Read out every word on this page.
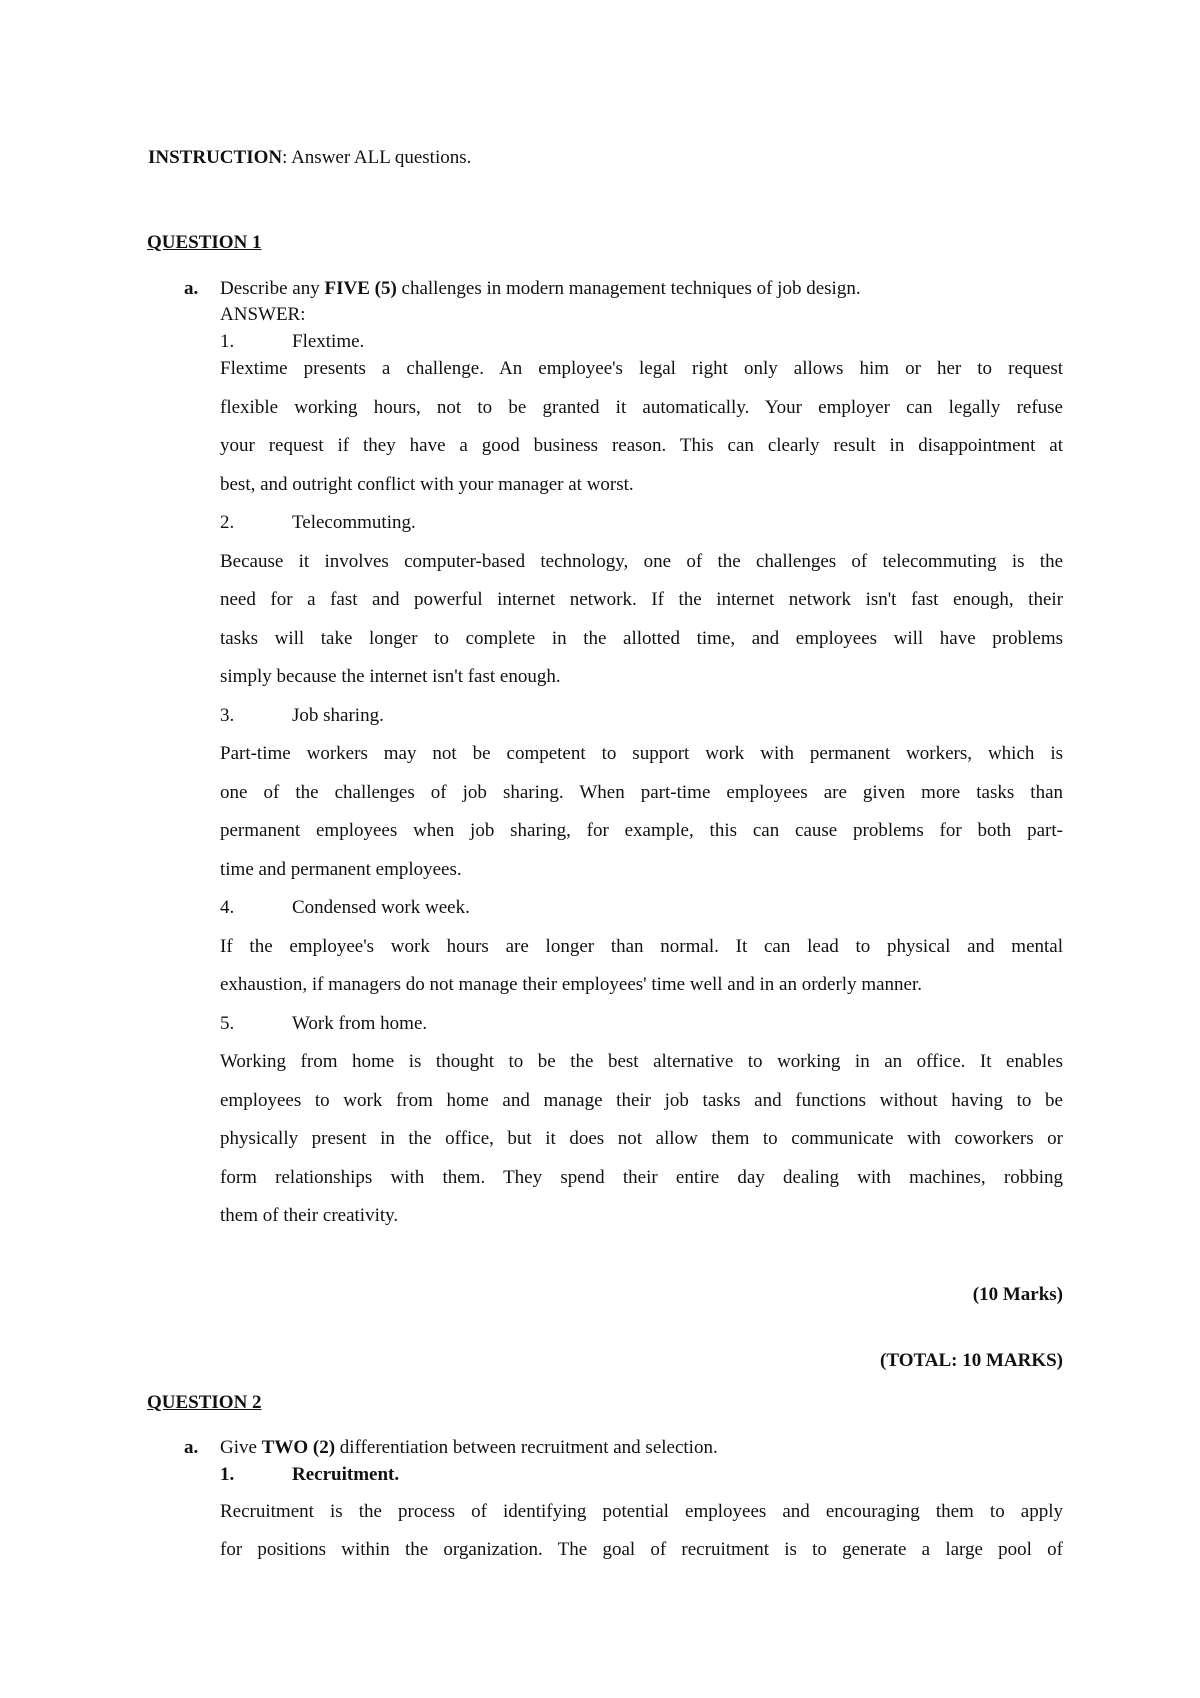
INSTRUCTION: Answer ALL questions.
QUESTION 1
a. Describe any FIVE (5) challenges in modern management techniques of job design.
ANSWER:
1.	Flextime.
Flextime presents a challenge. An employee's legal right only allows him or her to request
flexible working hours, not to be granted it automatically. Your employer can legally refuse
your request if they have a good business reason. This can clearly result in disappointment at
best, and outright conflict with your manager at worst.
2.	Telecommuting.
Because it involves computer-based technology, one of the challenges of telecommuting is the
need for a fast and powerful internet network. If the internet network isn't fast enough, their
tasks will take longer to complete in the allotted time, and employees will have problems
simply because the internet isn't fast enough.
3.	Job sharing.
Part-time workers may not be competent to support work with permanent workers, which is
one of the challenges of job sharing. When part-time employees are given more tasks than
permanent employees when job sharing, for example, this can cause problems for both part-
time and permanent employees.
4.	Condensed work week.
If the employee's work hours are longer than normal. It can lead to physical and mental
exhaustion, if managers do not manage their employees' time well and in an orderly manner.
5.	Work from home.
Working from home is thought to be the best alternative to working in an office. It enables
employees to work from home and manage their job tasks and functions without having to be
physically present in the office, but it does not allow them to communicate with coworkers or
form relationships with them. They spend their entire day dealing with machines, robbing
them of their creativity.
(10 Marks)
(TOTAL: 10 MARKS)
QUESTION 2
a. Give TWO (2) differentiation between recruitment and selection.
1.	Recruitment.
Recruitment is the process of identifying potential employees and encouraging them to apply
for positions within the organization. The goal of recruitment is to generate a large pool of
